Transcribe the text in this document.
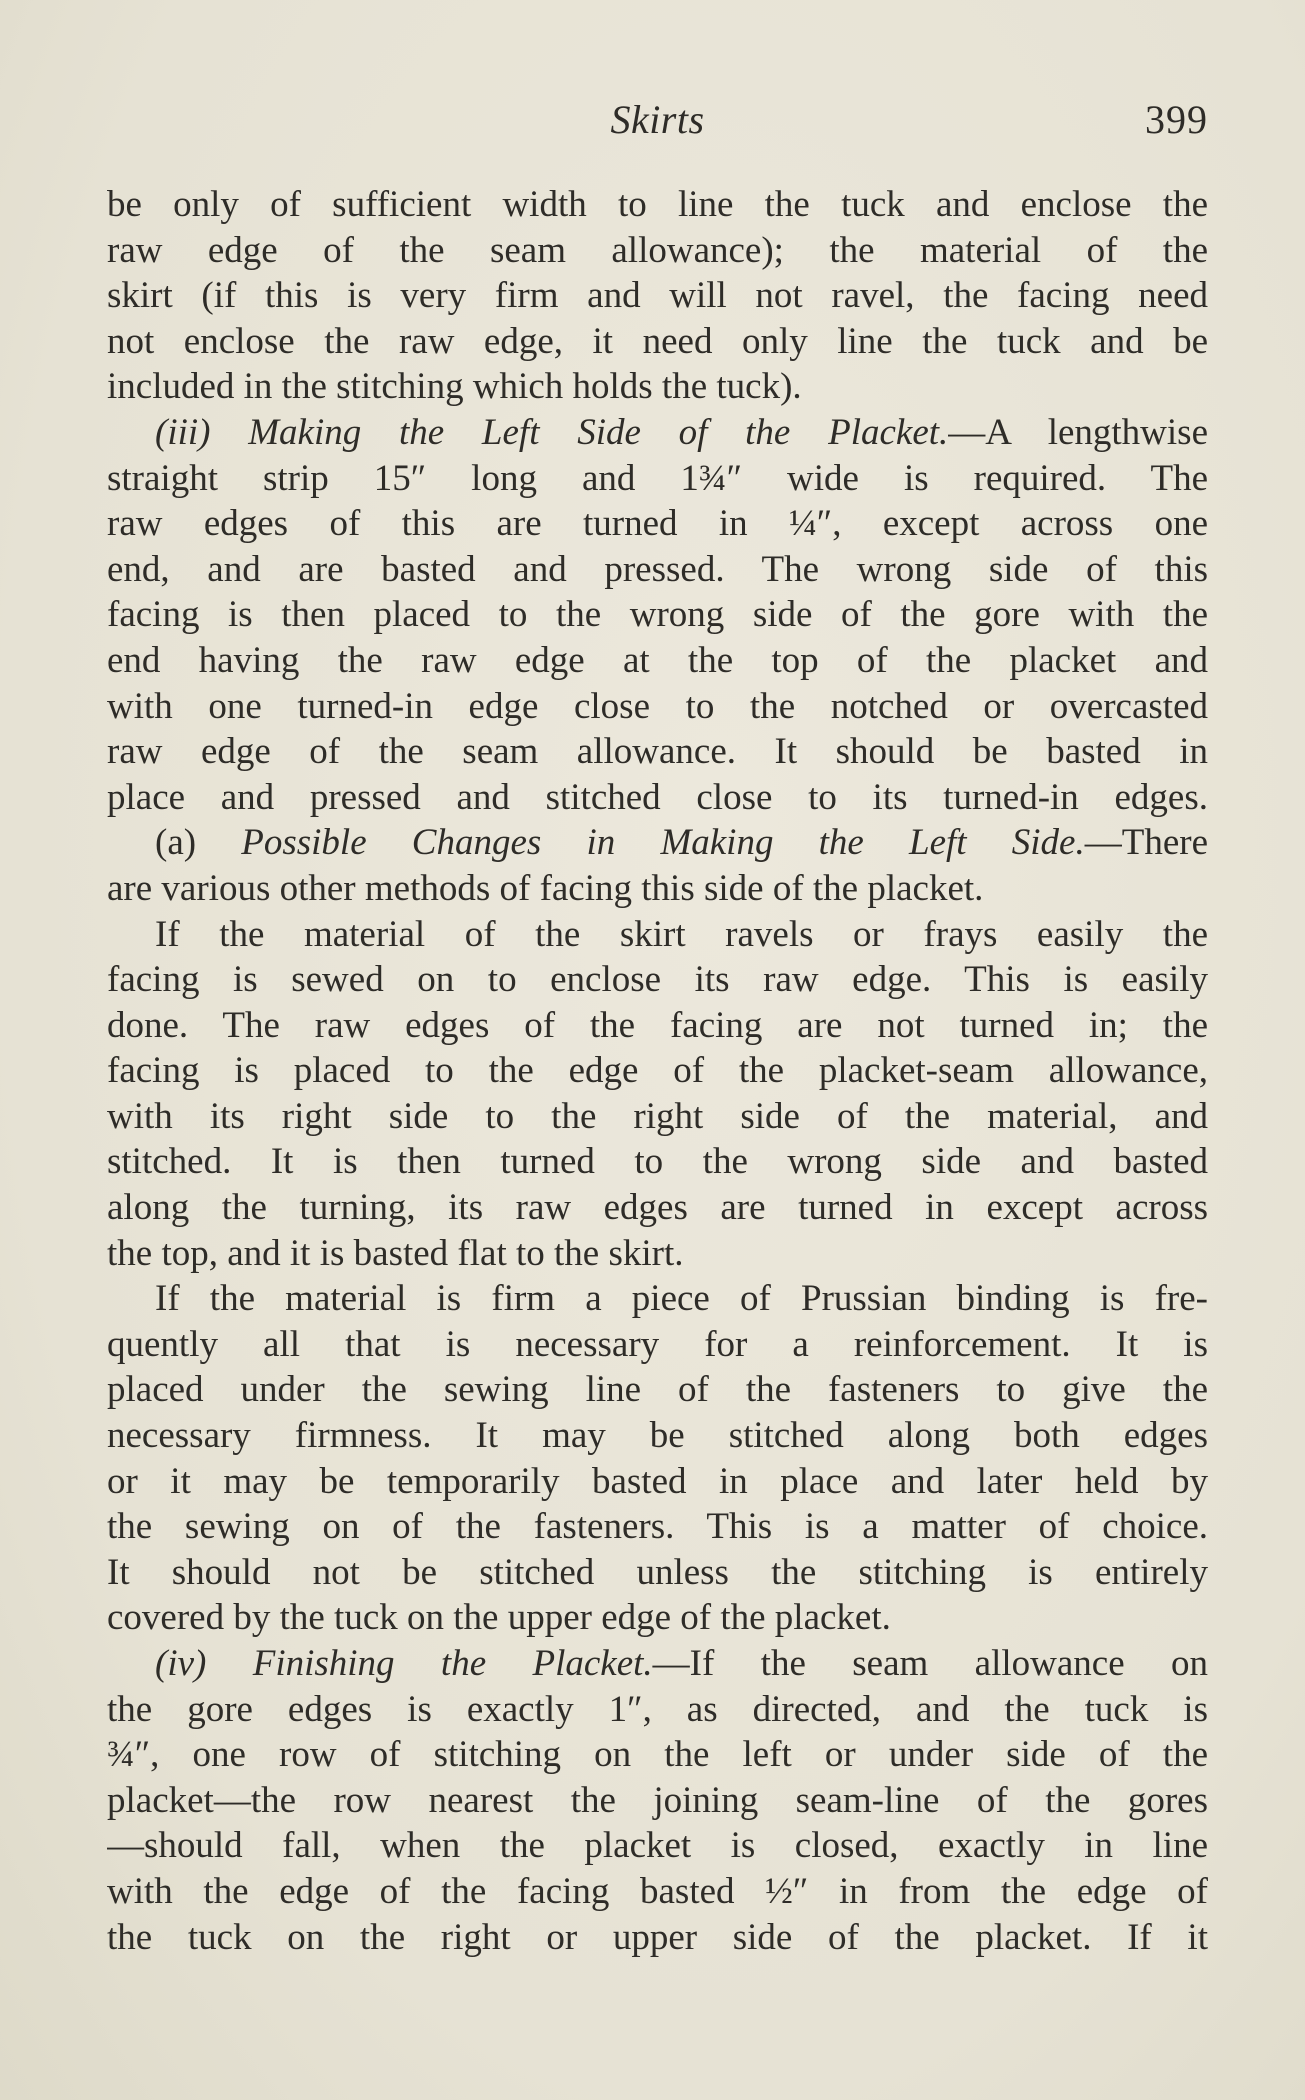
Skirts	399
be only of sufficient width to line the tuck and enclose the
raw edge of the seam allowance); the material of the
skirt (if this is very firm and will not ravel, the facing need
not enclose the raw edge, it need only line the tuck and be
included in the stitching which holds the tuck).
(iii) Making the Left Side of the Placket.—A lengthwise
straight strip 15″ long and 1¾″ wide is required. The
raw edges of this are turned in ¼″, except across one
end, and are basted and pressed. The wrong side of this
facing is then placed to the wrong side of the gore with the
end having the raw edge at the top of the placket and
with one turned-in edge close to the notched or overcasted
raw edge of the seam allowance. It should be basted in
place and pressed and stitched close to its turned-in edges.
(a) Possible Changes in Making the Left Side.—There
are various other methods of facing this side of the placket.
If the material of the skirt ravels or frays easily the
facing is sewed on to enclose its raw edge. This is easily
done. The raw edges of the facing are not turned in; the
facing is placed to the edge of the placket-seam allowance,
with its right side to the right side of the material, and
stitched. It is then turned to the wrong side and basted
along the turning, its raw edges are turned in except across
the top, and it is basted flat to the skirt.
If the material is firm a piece of Prussian binding is fre-
quently all that is necessary for a reinforcement. It is
placed under the sewing line of the fasteners to give the
necessary firmness. It may be stitched along both edges
or it may be temporarily basted in place and later held by
the sewing on of the fasteners. This is a matter of choice.
It should not be stitched unless the stitching is entirely
covered by the tuck on the upper edge of the placket.
(iv) Finishing the Placket.—If the seam allowance on
the gore edges is exactly 1″, as directed, and the tuck is
¾″, one row of stitching on the left or under side of the
placket—the row nearest the joining seam-line of the gores
—should fall, when the placket is closed, exactly in line
with the edge of the facing basted ½″ in from the edge of
the tuck on the right or upper side of the placket. If it
